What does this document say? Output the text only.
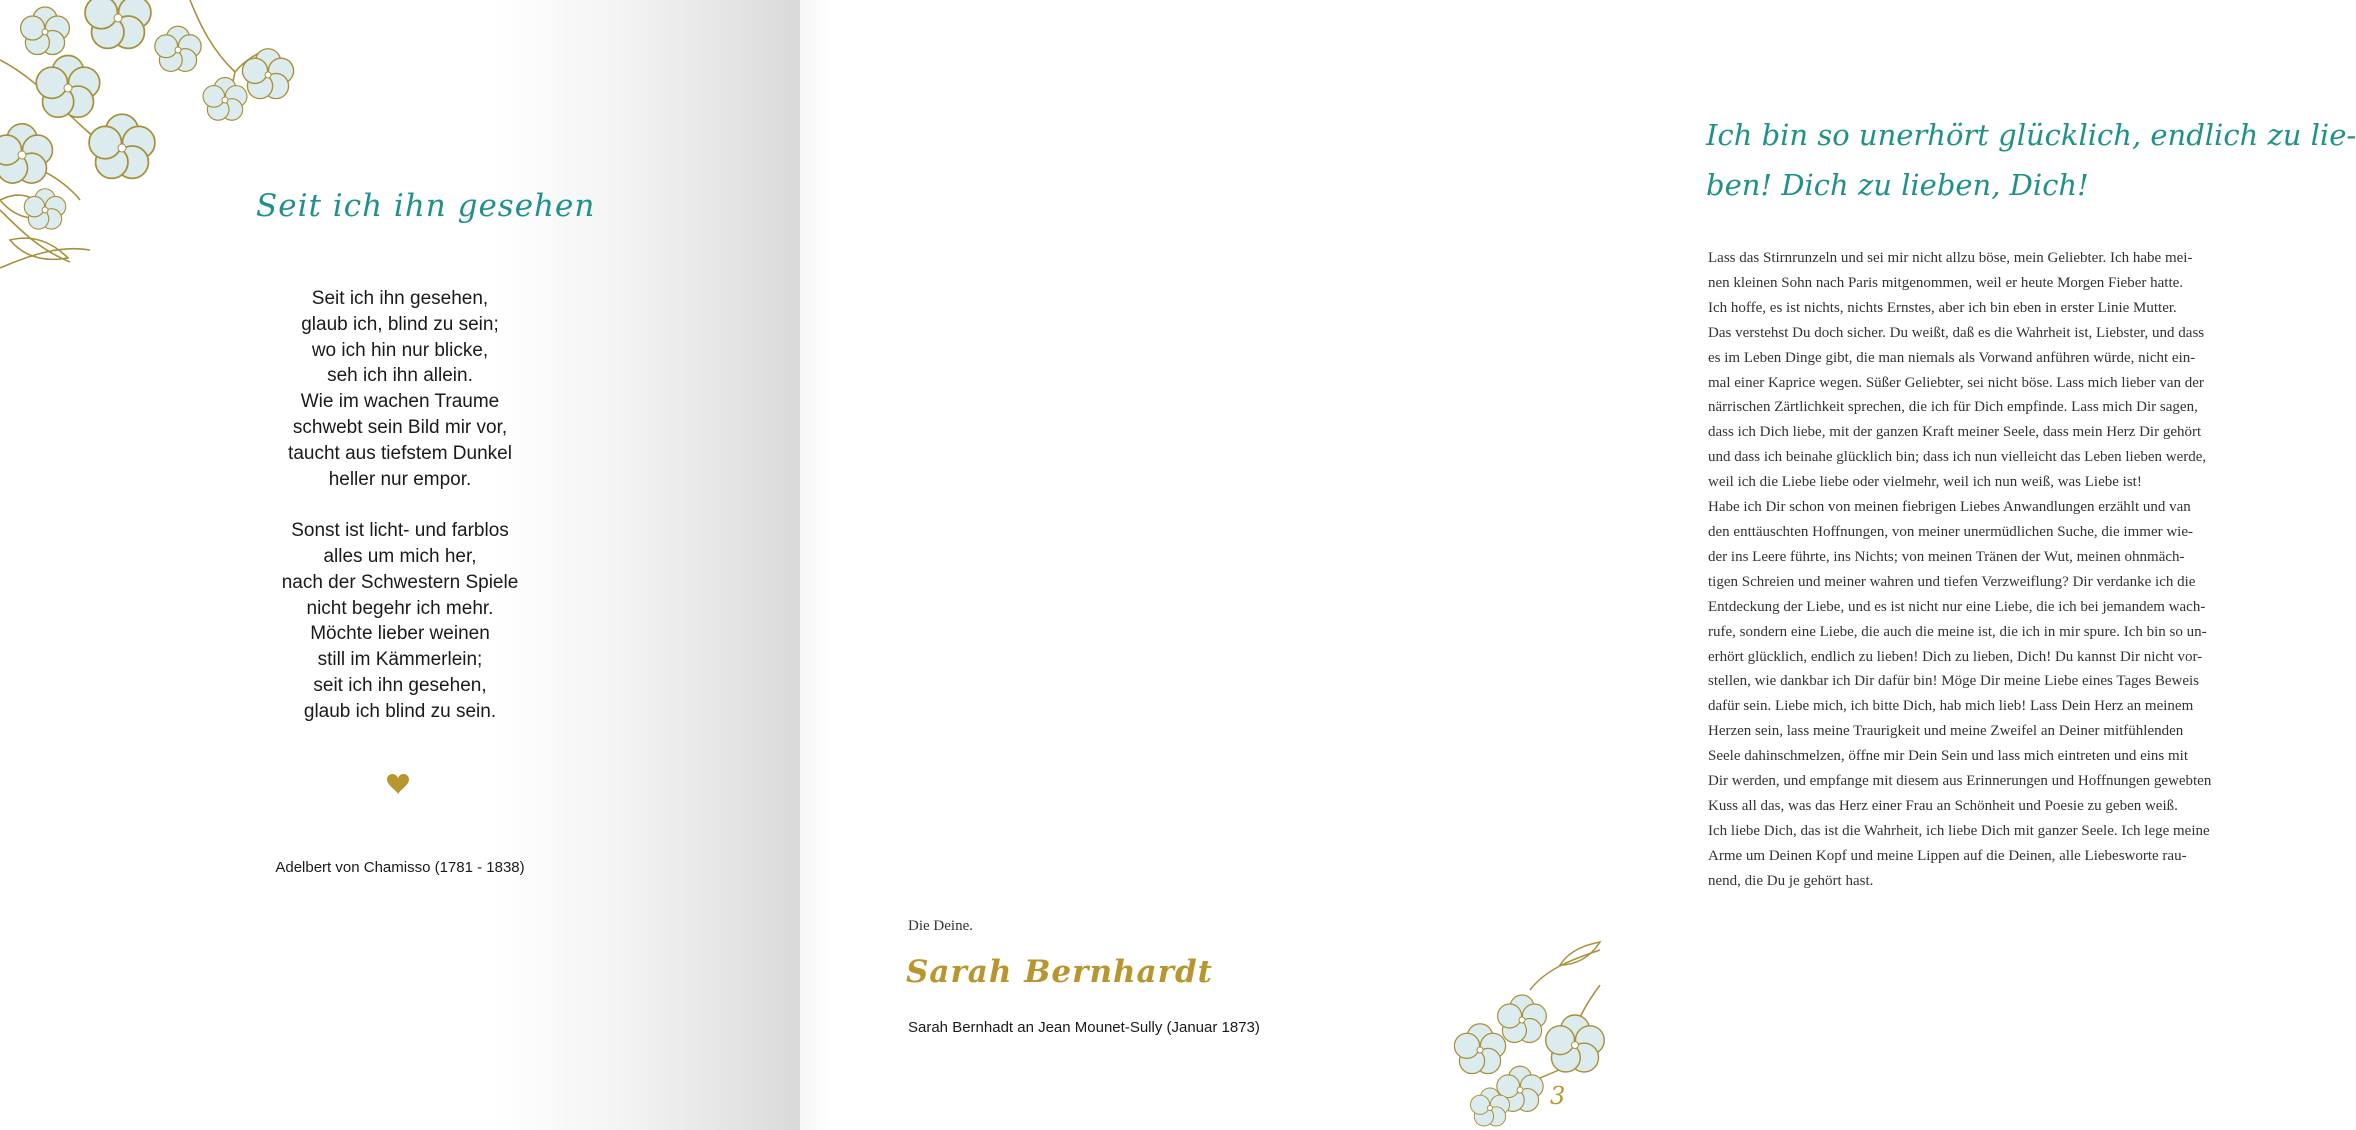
Seit ich ihn gesehen
Seit ich ihn gesehen,
glaub ich, blind zu sein;
wo ich hin nur blicke,
seh ich ihn allein.
Wie im wachen Traume
schwebt sein Bild mir vor,
taucht aus tiefstem Dunkel
heller nur empor.
Sonst ist licht- und farblos
alles um mich her,
nach der Schwestern Spiele
nicht begehr ich mehr.
Möchte lieber weinen
still im Kämmerlein;
seit ich ihn gesehen,
glaub ich blind zu sein.
Adelbert von Chamisso (1781 - 1838)
Ich bin so unerhört glücklich, endlich zu lie-
ben! Dich zu lieben, Dich!
Lass das Stirnrunzeln und sei mir nicht allzu böse, mein Geliebter. Ich habe mei-
nen kleinen Sohn nach Paris mitgenommen, weil er heute Morgen Fieber hatte.
Ich hoffe, es ist nichts, nichts Ernstes, aber ich bin eben in erster Linie Mutter.
Das verstehst Du doch sicher. Du weißt, daß es die Wahrheit ist, Liebster, und dass
es im Leben Dinge gibt, die man niemals als Vorwand anführen würde, nicht ein-
mal einer Kaprice wegen. Süßer Geliebter, sei nicht böse. Lass mich lieber van der
närrischen Zärtlichkeit sprechen, die ich für Dich empfinde. Lass mich Dir sagen,
dass ich Dich liebe, mit der ganzen Kraft meiner Seele, dass mein Herz Dir gehört
und dass ich beinahe glücklich bin; dass ich nun vielleicht das Leben lieben werde,
weil ich die Liebe liebe oder vielmehr, weil ich nun weiß, was Liebe ist!
Habe ich Dir schon von meinen fiebrigen Liebes Anwandlungen erzählt und van
den enttäuschten Hoffnungen, von meiner unermüdlichen Suche, die immer wie-
der ins Leere führte, ins Nichts; von meinen Tränen der Wut, meinen ohnmäch-
tigen Schreien und meiner wahren und tiefen Verzweiflung? Dir verdanke ich die
Entdeckung der Liebe, und es ist nicht nur eine Liebe, die ich bei jemandem wach-
rufe, sondern eine Liebe, die auch die meine ist, die ich in mir spure. Ich bin so un-
erhört glücklich, endlich zu lieben! Dich zu lieben, Dich! Du kannst Dir nicht vor-
stellen, wie dankbar ich Dir dafür bin! Möge Dir meine Liebe eines Tages Beweis
dafür sein. Liebe mich, ich bitte Dich, hab mich lieb! Lass Dein Herz an meinem
Herzen sein, lass meine Traurigkeit und meine Zweifel an Deiner mitfühlenden
Seele dahinschmelzen, öffne mir Dein Sein und lass mich eintreten und eins mit
Dir werden, und empfange mit diesem aus Erinnerungen und Hoffnungen gewebten
Kuss all das, was das Herz einer Frau an Schönheit und Poesie zu geben weiß.
Ich liebe Dich, das ist die Wahrheit, ich liebe Dich mit ganzer Seele. Ich lege meine
Arme um Deinen Kopf und meine Lippen auf die Deinen, alle Liebesworte rau-
nend, die Du je gehört hast.
Die Deine.
Sarah Bernhardt
Sarah Bernhadt an Jean Mounet-Sully (Januar 1873)
3
